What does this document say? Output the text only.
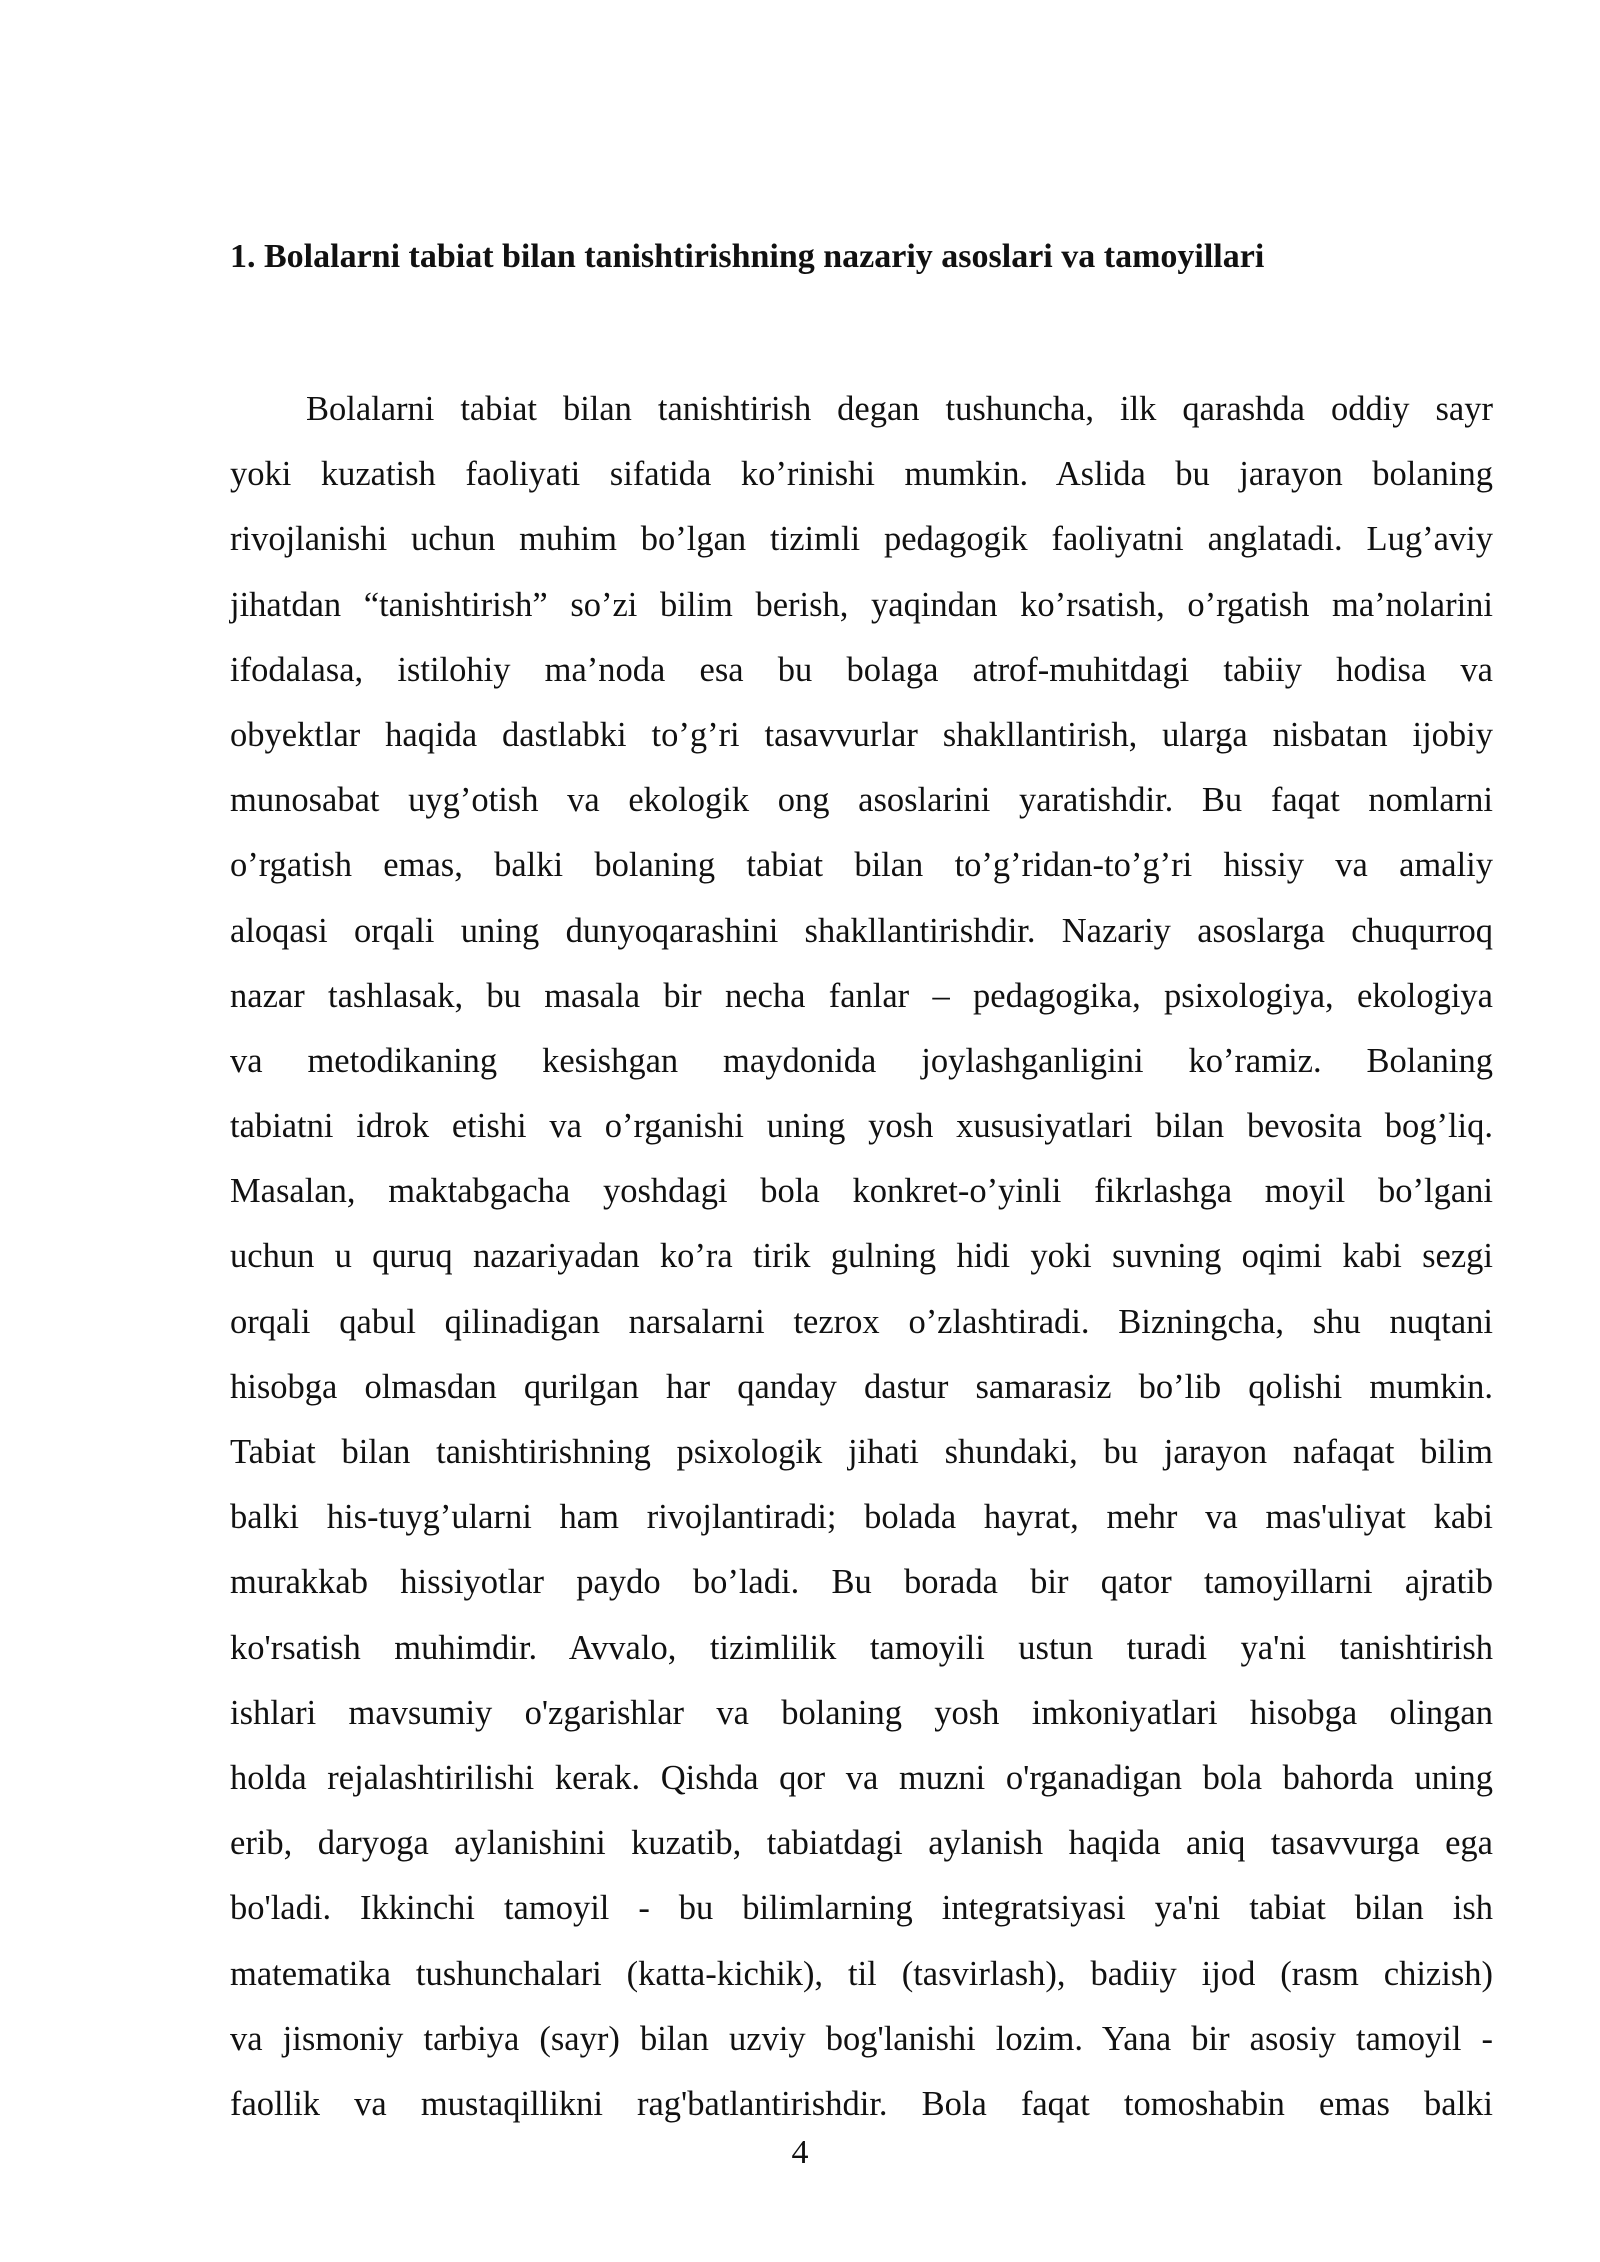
1. Bolalarni tabiat bilan tanishtirishning nazariy asoslari va tamoyillari
Bolalarni tabiat bilan tanishtirish degan tushuncha, ilk qarashda oddiy sayr
yoki kuzatish faoliyati sifatida ko’rinishi mumkin. Aslida bu jarayon bolaning
rivojlanishi uchun muhim bo’lgan tizimli pedagogik faoliyatni anglatadi. Lug’aviy
jihatdan “tanishtirish” so’zi bilim berish, yaqindan ko’rsatish, o’rgatish ma’nolarini
ifodalasa, istilohiy ma’noda esa bu bolaga atrof-muhitdagi tabiiy hodisa va
obyektlar haqida dastlabki to’g’ri tasavvurlar shakllantirish, ularga nisbatan ijobiy
munosabat uyg’otish va ekologik ong asoslarini yaratishdir. Bu faqat nomlarni
o’rgatish emas, balki bolaning tabiat bilan to’g’ridan-to’g’ri hissiy va amaliy
aloqasi orqali uning dunyoqarashini shakllantirishdir. Nazariy asoslarga chuqurroq
nazar tashlasak, bu masala bir necha fanlar – pedagogika, psixologiya, ekologiya
va metodikaning kesishgan maydonida joylashganligini ko’ramiz. Bolaning
tabiatni idrok etishi va o’rganishi uning yosh xususiyatlari bilan bevosita bog’liq.
Masalan, maktabgacha yoshdagi bola konkret-o’yinli fikrlashga moyil bo’lgani
uchun u quruq nazariyadan ko’ra tirik gulning hidi yoki suvning oqimi kabi sezgi
orqali qabul qilinadigan narsalarni tezrox o’zlashtiradi. Bizningcha, shu nuqtani
hisobga olmasdan qurilgan har qanday dastur samarasiz bo’lib qolishi mumkin.
Tabiat bilan tanishtirishning psixologik jihati shundaki, bu jarayon nafaqat bilim
balki his-tuyg’ularni ham rivojlantiradi; bolada hayrat, mehr va mas'uliyat kabi
murakkab hissiyotlar paydo bo’ladi. Bu borada bir qator tamoyillarni ajratib
ko'rsatish muhimdir. Avvalo, tizimlilik tamoyili ustun turadi ya'ni tanishtirish
ishlari mavsumiy o'zgarishlar va bolaning yosh imkoniyatlari hisobga olingan
holda rejalashtirilishi kerak. Qishda qor va muzni o'rganadigan bola bahorda uning
erib, daryoga aylanishini kuzatib, tabiatdagi aylanish haqida aniq tasavvurga ega
bo'ladi. Ikkinchi tamoyil - bu bilimlarning integratsiyasi ya'ni tabiat bilan ish
matematika tushunchalari (katta-kichik), til (tasvirlash), badiiy ijod (rasm chizish)
va jismoniy tarbiya (sayr) bilan uzviy bog'lanishi lozim. Yana bir asosiy tamoyil -
faollik va mustaqillikni rag'batlantirishdir. Bola faqat tomoshabin emas balki

4
